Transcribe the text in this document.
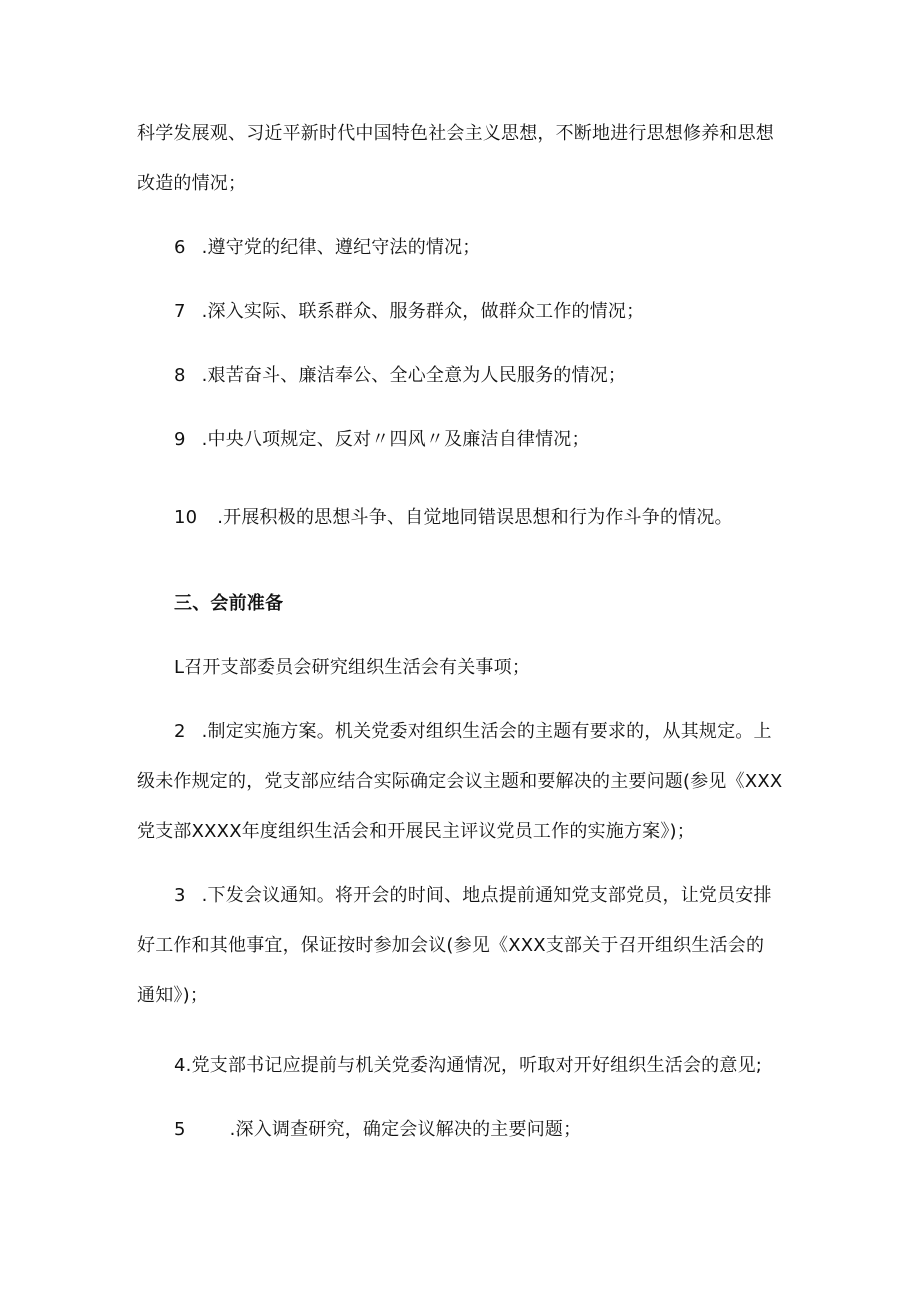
科学发展观、习近平新时代中国特色社会主义思想，不断地进行思想修养和思想
改造的情况；
6 .遵守党的纪律、遵纪守法的情况；
7 .深入实际、联系群众、服务群众，做群众工作的情况；
8 .艰苦奋斗、廉洁奉公、全心全意为人民服务的情况；
9 .中央八项规定、反对〃四风〃及廉洁自律情况；
10 .开展积极的思想斗争、自觉地同错误思想和行为作斗争的情况。
三、会前准备
L召开支部委员会研究组织生活会有关事项；
2 .制定实施方案。机关党委对组织生活会的主题有要求的，从其规定。上
级未作规定的，党支部应结合实际确定会议主题和要解决的主要问题(参见《XXX
党支部XXXX年度组织生活会和开展民主评议党员工作的实施方案》)；
3 .下发会议通知。将开会的时间、地点提前通知党支部党员，让党员安排
好工作和其他事宜，保证按时参加会议(参见《XXX支部关于召开组织生活会的
通知》)；
4.党支部书记应提前与机关党委沟通情况，听取对开好组织生活会的意见;
5 .深入调查研究，确定会议解决的主要问题；
